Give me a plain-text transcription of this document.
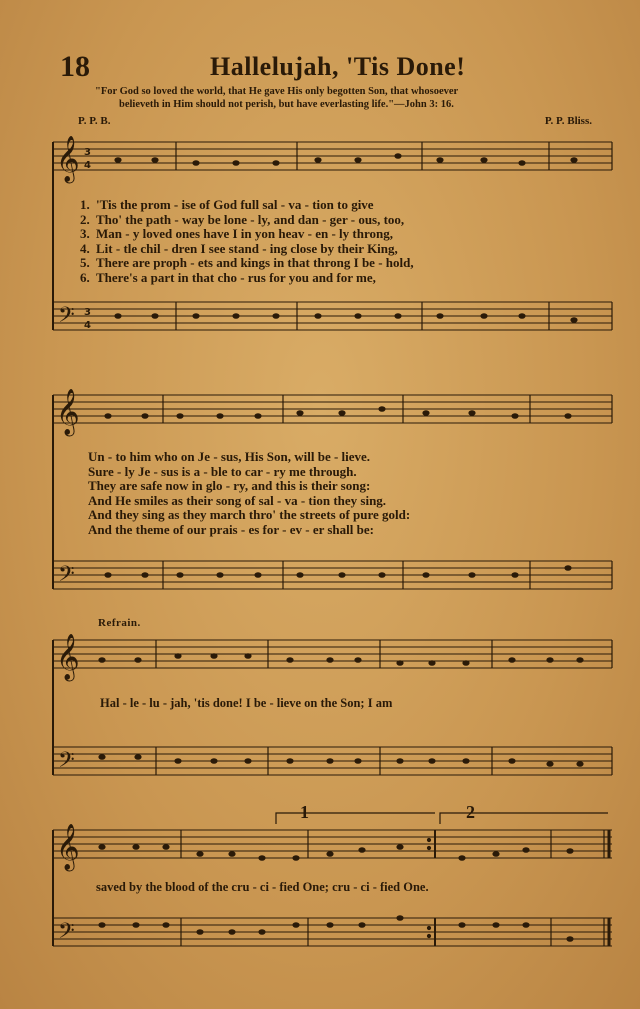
18	Hallelujah, 'Tis Done!
"For God so loved the world, that He gave His only begotten Son, that whosoever
believeth in Him should not perish, but have everlasting life."—John 3: 16.
P. P. B.	P. P. Bliss.
𝄞
𝄢
𝄞
𝄢
𝄞
𝄢
𝄞
𝄢
3
4
3
4
1. 'Tis the prom - ise of God full sal - va - tion to give
2. Tho' the path - way be lone - ly, and dan - ger - ous, too,
3. Man - y loved ones have I in yon heav - en - ly throng,
4. Lit - tle chil - dren I see stand - ing close by their King,
5. There are proph - ets and kings in that throng I be - hold,
6. There's a part in that cho - rus for you and for me,
Un - to him who on Je - sus, His Son, will be - lieve.
Sure - ly Je - sus is a - ble to car - ry me through.
They are safe now in glo - ry, and this is their song:
And He smiles as their song of sal - va - tion they sing.
And they sing as they march thro' the streets of pure gold:
And the theme of our prais - es for - ev - er shall be:
Refrain.
Hal - le - lu - jah, 'tis done! I be - lieve on the Son; I am
saved by the blood of the cru - ci - fied One; cru - ci - fied One.
1	2
